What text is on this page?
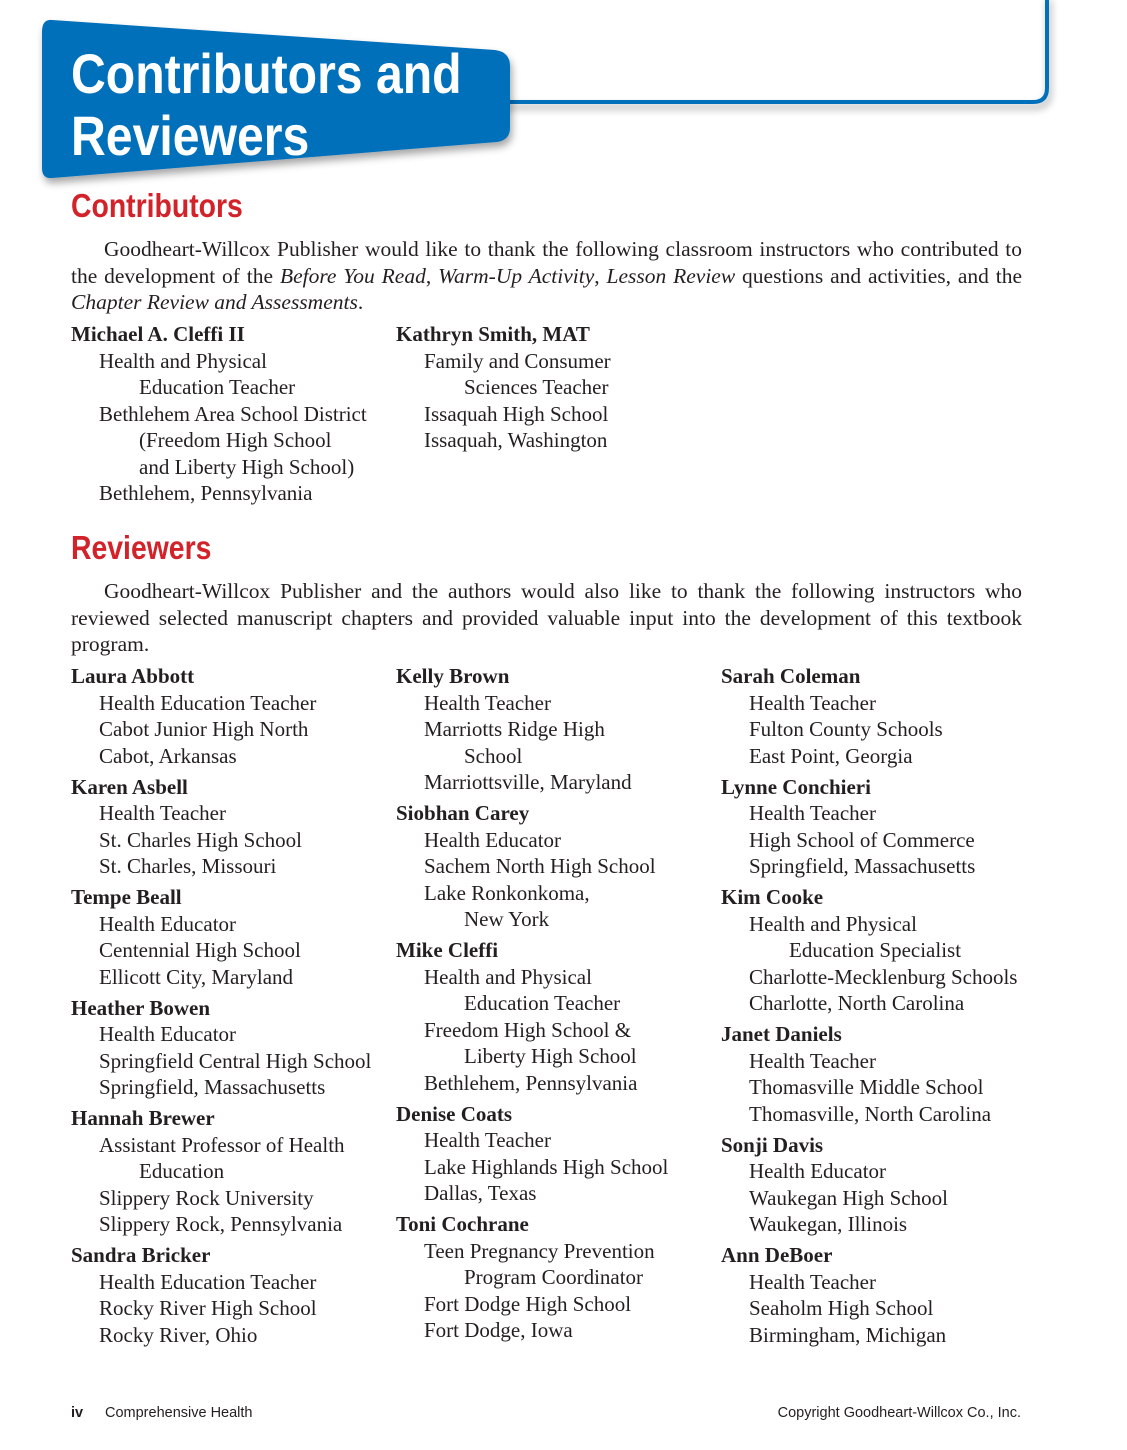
Contributors and
Reviewers
Contributors
Goodheart-Willcox Publisher would like to thank the following classroom instructors who contributed to the development of the Before You Read, Warm-Up Activity, Lesson Review questions and activities, and the Chapter Review and Assessments.
Michael A. Cleffi II
Health and Physical
Education Teacher
Bethlehem Area School District
(Freedom High School
and Liberty High School)
Bethlehem, Pennsylvania
Kathryn Smith, MAT
Family and Consumer
Sciences Teacher
Issaquah High School
Issaquah, Washington
Reviewers
Goodheart-Willcox Publisher and the authors would also like to thank the following instructors who reviewed selected manuscript chapters and provided valuable input into the development of this textbook program.
Laura Abbott
Health Education Teacher
Cabot Junior High North
Cabot, Arkansas
Karen Asbell
Health Teacher
St. Charles High School
St. Charles, Missouri
Tempe Beall
Health Educator
Centennial High School
Ellicott City, Maryland
Heather Bowen
Health Educator
Springfield Central High School
Springfield, Massachusetts
Hannah Brewer
Assistant Professor of Health
Education
Slippery Rock University
Slippery Rock, Pennsylvania
Sandra Bricker
Health Education Teacher
Rocky River High School
Rocky River, Ohio
Kelly Brown
Health Teacher
Marriotts Ridge High
School
Marriottsville, Maryland
Siobhan Carey
Health Educator
Sachem North High School
Lake Ronkonkoma,
New York
Mike Cleffi
Health and Physical
Education Teacher
Freedom High School &
Liberty High School
Bethlehem, Pennsylvania
Denise Coats
Health Teacher
Lake Highlands High School
Dallas, Texas
Toni Cochrane
Teen Pregnancy Prevention
Program Coordinator
Fort Dodge High School
Fort Dodge, Iowa
Sarah Coleman
Health Teacher
Fulton County Schools
East Point, Georgia
Lynne Conchieri
Health Teacher
High School of Commerce
Springfield, Massachusetts
Kim Cooke
Health and Physical
Education Specialist
Charlotte-Mecklenburg Schools
Charlotte, North Carolina
Janet Daniels
Health Teacher
Thomasville Middle School
Thomasville, North Carolina
Sonji Davis
Health Educator
Waukegan High School
Waukegan, Illinois
Ann DeBoer
Health Teacher
Seaholm High School
Birmingham, Michigan
iv Comprehensive Health	Copyright Goodheart-Willcox Co., Inc.
